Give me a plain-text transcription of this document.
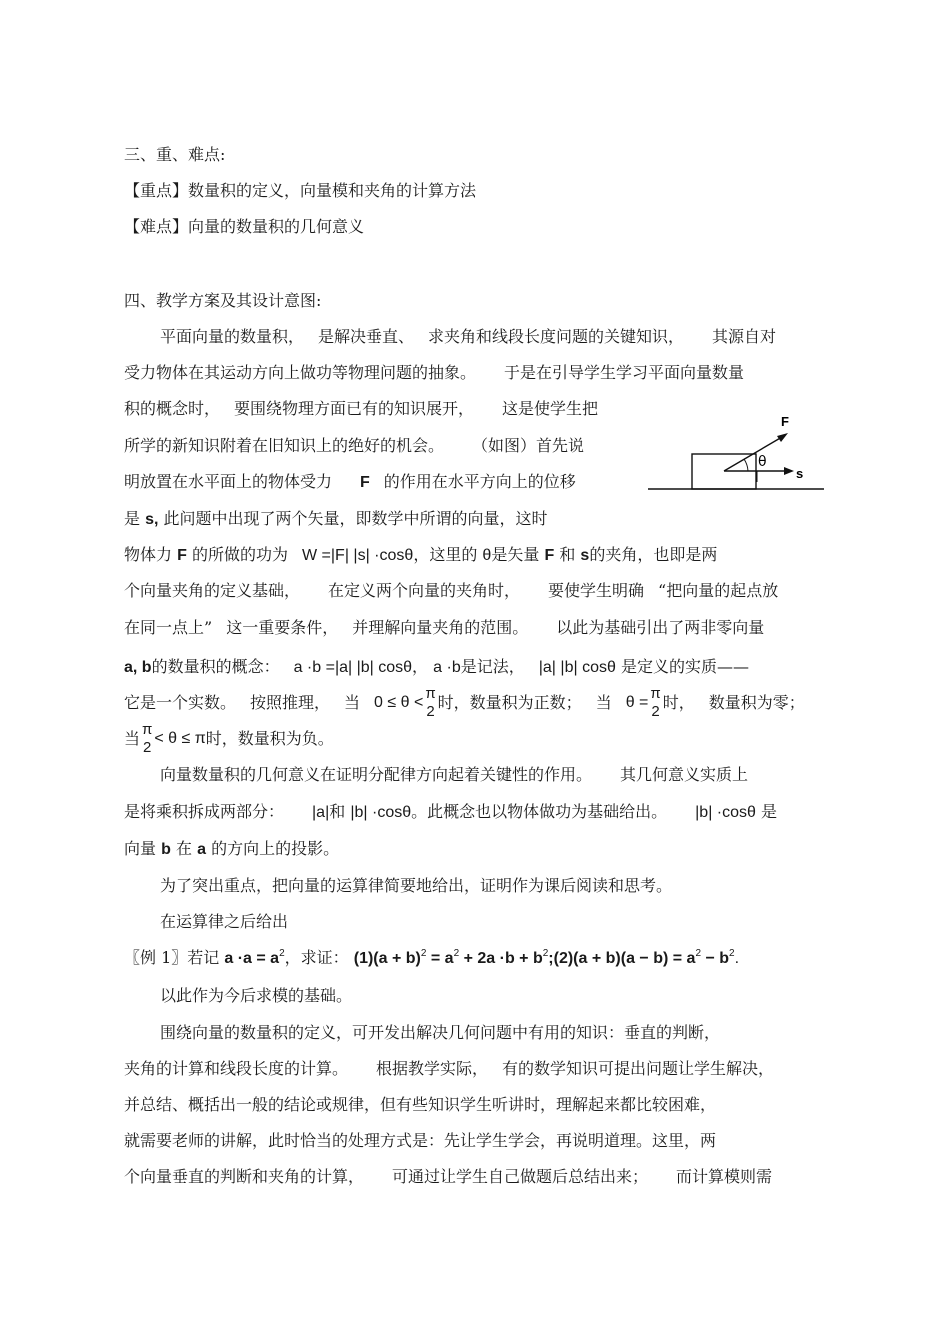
三、重、难点:
【重点】数量积的定义，向量模和夹角的计算方法
【难点】向量的数量积的几何意义
四、教学方案及其设计意图:
平面向量的数量积， 是解决垂直、 求夹角和线段长度问题的关键知识， 其源自对
受力物体在其运动方向上做功等物理问题的抽象。 于是在引导学生学习平面向量数量
积的概念时， 要围绕物理方面已有的知识展开， 这是使学生把
所学的新知识附着在旧知识上的绝好的机会。 （如图）首先说
明放置在水平面上的物体受力 F 的作用在水平方向上的位移
是 s, 此问题中出现了两个矢量，即数学中所谓的向量，这时
物体力 F 的所做的功为 W =|F| |s| ·cosθ，这里的 θ是矢量 F 和 s的夹角，也即是两
个向量夹角的定义基础， 在定义两个向量的夹角时， 要使学生明确 “把向量的起点放
在同一点上” 这一重要条件， 并理解向量夹角的范围。 以此为基础引出了两非零向量
a, b的数量积的概念： a ·b =|a| |b| cosθ， a ·b是记法， |a| |b| cosθ 是定义的实质——
它是一个实数。 按照推理， 当 0 ≤ θ <
π
2 时，数量积为正数； 当 θ =
π
2 时， 数量积为零；
当 π
2
< θ ≤ π 时，数量积为负。
向量数量积的几何意义在证明分配律方向起着关键性的作用。 其几何意义实质上
是将乘积拆成两部分： |a|和 |b| ·cosθ。此概念也以物体做功为基础给出。 |b| ·cosθ 是
向量 b 在 a 的方向上的投影。
为了突出重点，把向量的运算律简要地给出，证明作为课后阅读和思考。
在运算律之后给出
〖例 1〗若记 $a \cdot a = a^2$，求证： $(1)(a + b)^2 = a^2 + 2a \cdot b$ + $b^2;(2)(a + b)(a - b) = a^2 - b^2$.
以此作为今后求模的基础。
围绕向量的数量积的定义，可开发出解决几何问题中有用的知识：垂直的判断，
夹角的计算和线段长度的计算。 根据教学实际， 有的数学知识可提出问题让学生解决，
并总结、概括出一般的结论或规律，但有些知识学生听讲时，理解起来都比较困难，
就需要老师的讲解，此时恰当的处理方式是：先让学生学会，再说明道理。这里，两
个向量垂直的判断和夹角的计算， 可通过让学生自己做题后总结出来； 而计算模则需
F
θ
s
